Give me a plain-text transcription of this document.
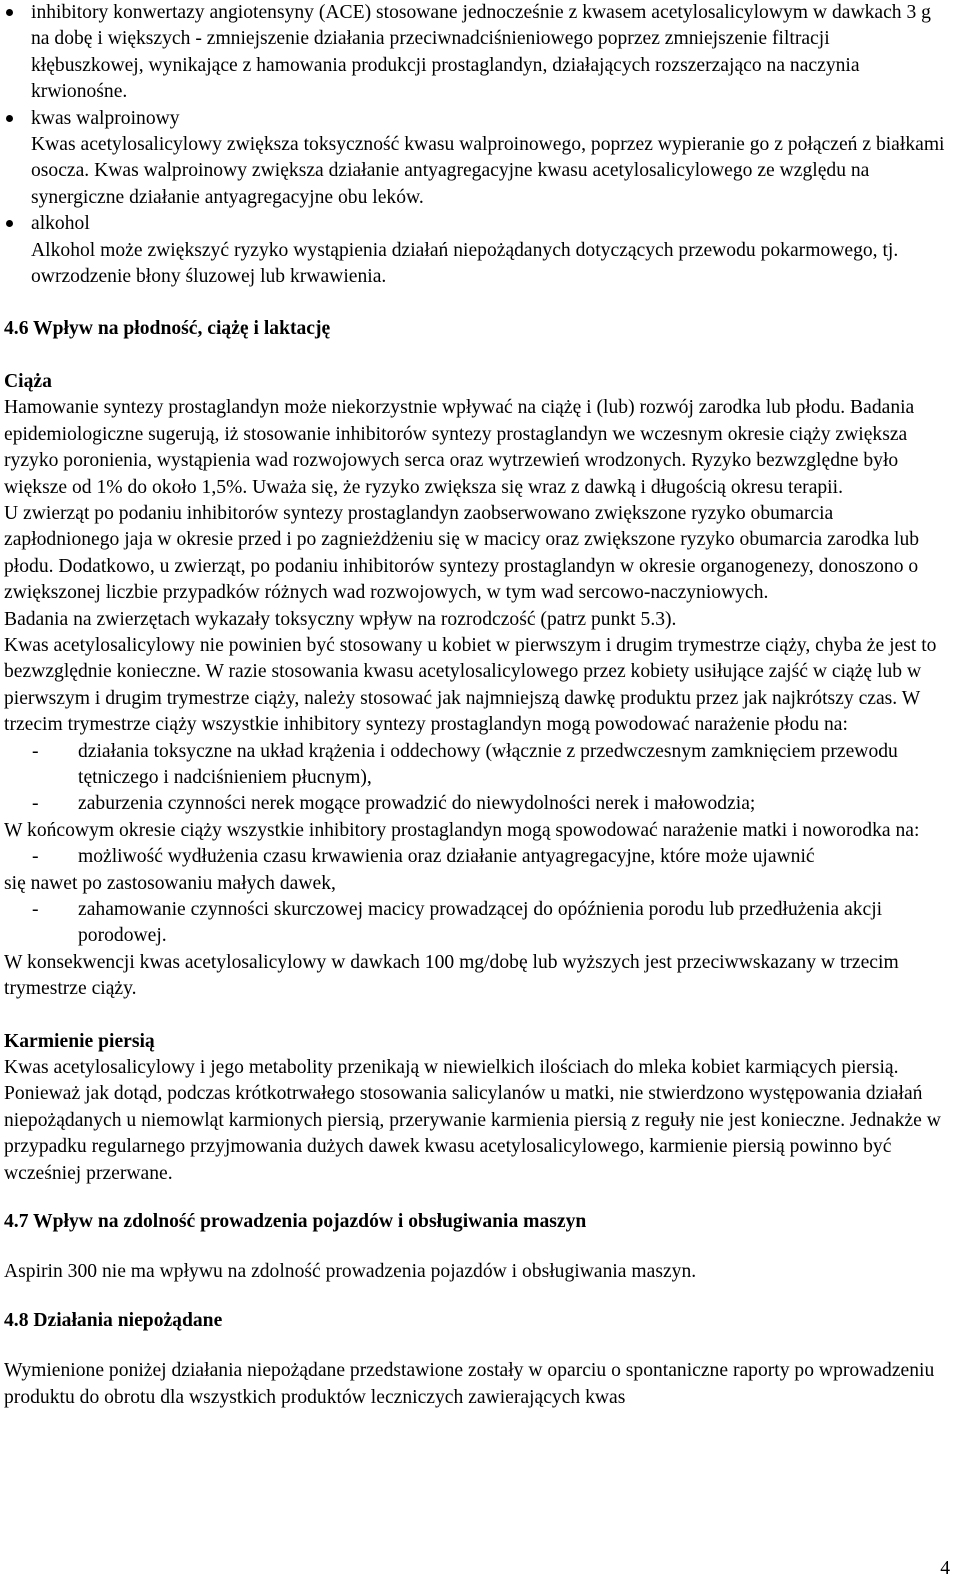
inhibitory konwertazy angiotensyny (ACE) stosowane jednocześnie z kwasem acetylosalicylowym w dawkach 3 g na dobę i większych - zmniejszenie działania przeciwnadciśnieniowego poprzez zmniejszenie filtracji kłębuszkowej, wynikające z hamowania produkcji prostaglandyn, działających rozszerzająco na naczynia krwionośne.
kwas walproinowy
Kwas acetylosalicylowy zwiększa toksyczność kwasu walproinowego, poprzez wypieranie go z połączeń z białkami osocza. Kwas walproinowy zwiększa działanie antyagregacyjne kwasu acetylosalicylowego ze względu na synergiczne działanie antyagregacyjne obu leków.
alkohol
Alkohol może zwiększyć ryzyko wystąpienia działań niepożądanych dotyczących przewodu pokarmowego, tj. owrzodzenie błony śluzowej lub krwawienia.
4.6 Wpływ na płodność, ciążę i laktację
Ciąża

Hamowanie syntezy prostaglandyn może niekorzystnie wpływać na ciążę i (lub) rozwój zarodka lub płodu. Badania epidemiologiczne sugerują, iż stosowanie inhibitorów syntezy prostaglandyn we wczesnym okresie ciąży zwiększa ryzyko poronienia, wystąpienia wad rozwojowych serca oraz wytrzewień wrodzonych. Ryzyko bezwzględne było większe od 1% do około 1,5%. Uważa się, że ryzyko zwiększa się wraz z dawką i długością okresu terapii.

U zwierząt po podaniu inhibitorów syntezy prostaglandyn zaobserwowano zwiększone ryzyko obumarcia zapłodnionego jaja w okresie przed i po zagnieżdżeniu się w macicy oraz zwiększone ryzyko obumarcia zarodka lub płodu. Dodatkowo, u zwierząt, po podaniu inhibitorów syntezy prostaglandyn w okresie organogenezy, donoszono o zwiększonej liczbie przypadków różnych wad rozwojowych, w tym wad sercowo-naczyniowych.

Badania na zwierzętach wykazały toksyczny wpływ na rozrodczość (patrz punkt 5.3).

Kwas acetylosalicylowy nie powinien być stosowany u kobiet w pierwszym i drugim trymestrze ciąży, chyba że jest to bezwzględnie konieczne. W razie stosowania kwasu acetylosalicylowego przez kobiety usiłujące zajść w ciążę lub w pierwszym i drugim trymestrze ciąży, należy stosować jak najmniejszą dawkę produktu przez jak najkrótszy czas. W trzecim trymestrze ciąży wszystkie inhibitory syntezy prostaglandyn mogą powodować narażenie płodu na:

- działania toksyczne na układ krążenia i oddechowy (włącznie z przedwczesnym zamknięciem przewodu tętniczego i nadciśnieniem płucnym),
- zaburzenia czynności nerek mogące prowadzić do niewydolności nerek i małowodzia;

W końcowym okresie ciąży wszystkie inhibitory prostaglandyn mogą spowodować narażenie matki i noworodka na:

- możliwość wydłużenia czasu krwawienia oraz działanie antyagregacyjne, które może ujawnić

się nawet po zastosowaniu małych dawek,

- zahamowanie czynności skurczowej macicy prowadzącej do opóźnienia porodu lub przedłużenia akcji porodowej.

W konsekwencji kwas acetylosalicylowy w dawkach 100 mg/dobę lub wyższych jest przeciwwskazany w trzecim trymestrze ciąży.

Karmienie piersią

Kwas acetylosalicylowy i jego metabolity przenikają w niewielkich ilościach do mleka kobiet karmiących piersią. Ponieważ jak dotąd, podczas krótkotrwałego stosowania salicylanów u matki, nie stwierdzono występowania działań niepożądanych u niemowląt karmionych piersią, przerywanie karmienia piersią z reguły nie jest konieczne. Jednakże w przypadku regularnego przyjmowania dużych dawek kwasu acetylosalicylowego, karmienie piersią powinno być wcześniej przerwane.

4.7 Wpływ na zdolność prowadzenia pojazdów i obsługiwania maszyn

Aspirin 300 nie ma wpływu na zdolność prowadzenia pojazdów i obsługiwania maszyn.

4.8 Działania niepożądane

Wymienione poniżej działania niepożądane przedstawione zostały w oparciu o spontaniczne raporty po wprowadzeniu produktu do obrotu dla wszystkich produktów leczniczych zawierających kwas

4
